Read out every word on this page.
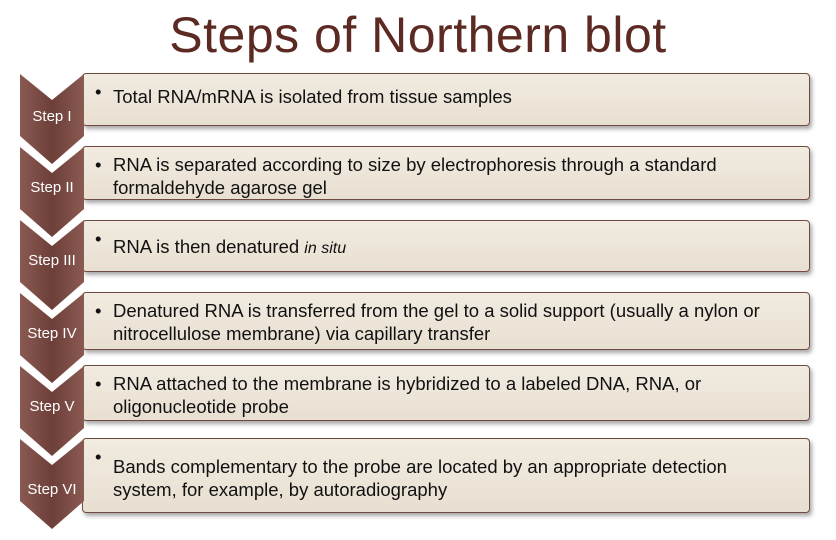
Steps of Northern blot
• Total RNA/mRNA is isolated from tissue samples
• RNA is separated according to size by electrophoresis through a standard formaldehyde agarose gel
• RNA is then denatured in situ
• Denatured RNA is transferred from the gel to a solid support (usually a nylon or nitrocellulose membrane) via capillary transfer
• RNA attached to the membrane is hybridized to a labeled DNA, RNA, or oligonucleotide probe
• Bands complementary to the probe are located by an appropriate detection system, for example, by autoradiography
Step I
Step II
Step III
Step IV
Step V
Step VI
